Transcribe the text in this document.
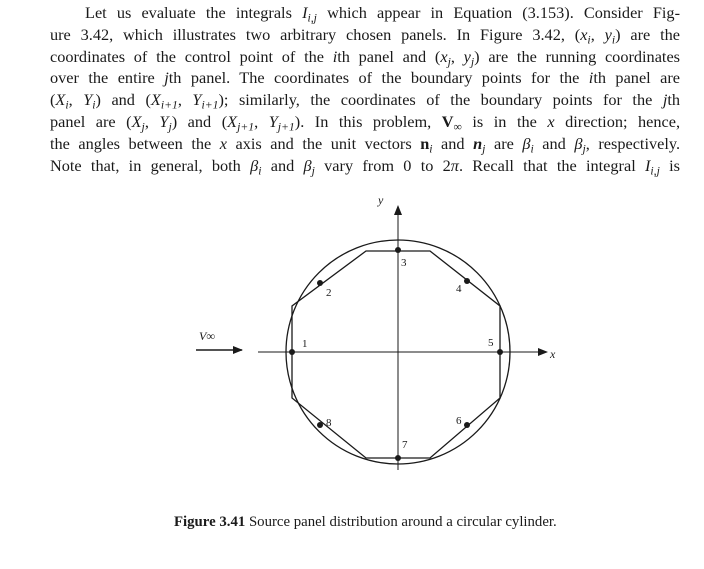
Let us evaluate the integrals $I_{i,j}$ which appear in Equation (3.153). Consider Fig-
ure 3.42, which illustrates two arbitrary chosen panels. In Figure 3.42, ($x_i$, $y_i$) are the
coordinates of the control point of the ith panel and ($x_j$, $y_j$) are the running coordinates
over the entire jth panel. The coordinates of the boundary points for the ith panel are
($X_i$, $Y_i$) and ($X_{i+1}$, $Y_{i+1}$); similarly, the coordinates of the boundary points for the jth
panel are ($X_j$, $Y_j$) and ($X_{j+1}$, $Y_{j+1}$). In this problem, $V_\infty$ is in the x direction; hence,
the angles between the x axis and the unit vectors $n_i$ and $n_j$ are $\beta_i$ and $\beta_j$, respectively.
Note that, in general, both $\beta_i$ and $\beta_j$ vary from 0 to 2π. Recall that the integral $I_{i,j}$ is
y
x
V∞
1
2
3
4
5
6
7
8
Figure 3.41 Source panel distribution around a circular cylinder.
